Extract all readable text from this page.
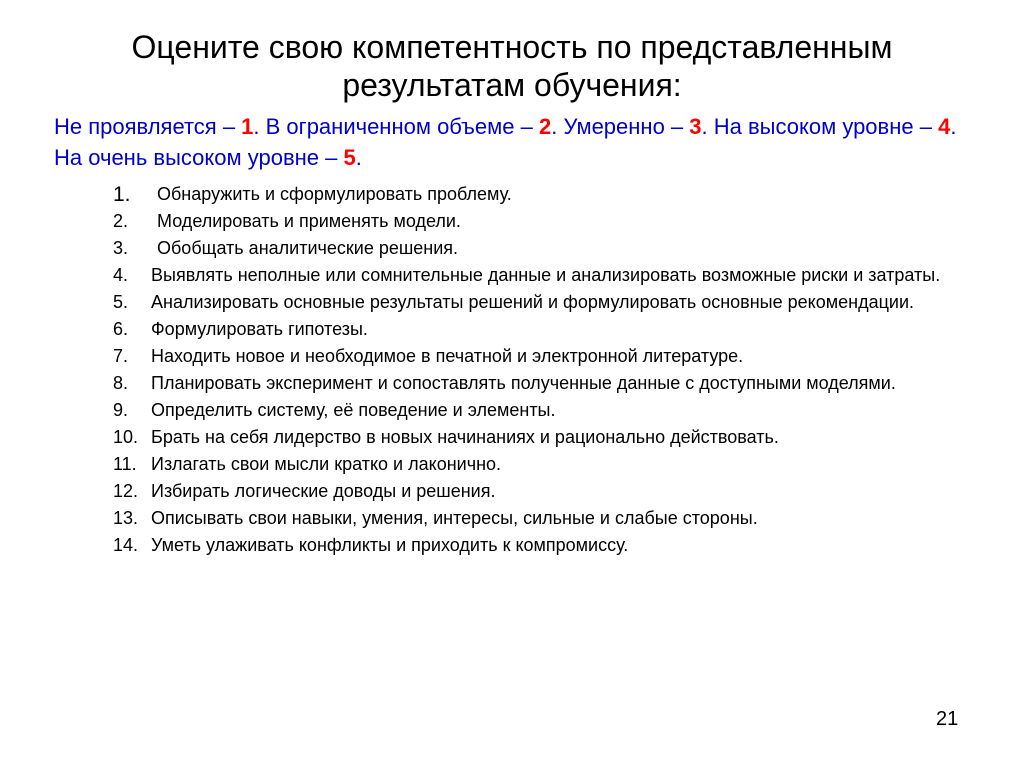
Оцените свою компетентность по представленным
результатам обучения:
Не проявляется – 1. В ограниченном объеме – 2. Умеренно – 3. На высоком уровне – 4. На очень высоком уровне – 5.
1. Обнаружить и сформулировать проблему.
2. Моделировать и применять модели.
3. Обобщать аналитические решения.
4. Выявлять неполные или сомнительные данные и анализировать возможные риски и затраты.
5. Анализировать основные результаты решений и формулировать основные рекомендации.
6. Формулировать гипотезы.
7. Находить новое и необходимое в печатной и электронной литературе.
8. Планировать эксперимент и сопоставлять полученные данные с доступными моделями.
9. Определить систему, её поведение и элементы.
10. Брать на себя лидерство в новых начинаниях и рационально действовать.
11. Излагать свои мысли кратко и лаконично.
12. Избирать логические доводы и решения.
13. Описывать свои навыки, умения, интересы, сильные и слабые стороны.
14. Уметь улаживать конфликты и приходить к компромиссу.
21
